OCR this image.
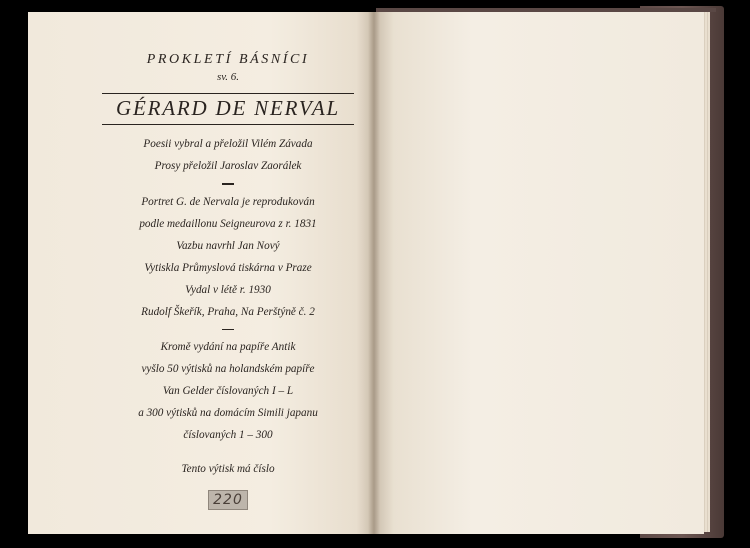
PROKLETÍ BÁSNÍCI

sv. 6.

GÉRARD DE NERVAL

Poesii vybral a přeložil Vilém Závada

Prosy přeložil Jaroslav Zaorálek

Portret G. de Nervala je reprodukován

podle medaillonu Seigneurova z r. 1831

Vazbu navrhl Jan Nový

Vytiskla Průmyslová tiskárna v Praze

Vydal v létě r. 1930

Rudolf Škeřík, Praha, Na Perštýně č. 2

Kromě vydání na papíře Antik

vyšlo 50 výtisků na holandském papíře

Van Gelder číslovaných I – L

a 300 výtisků na domácím Simili japanu

číslovaných 1 – 300

Tento výtisk má číslo

220
